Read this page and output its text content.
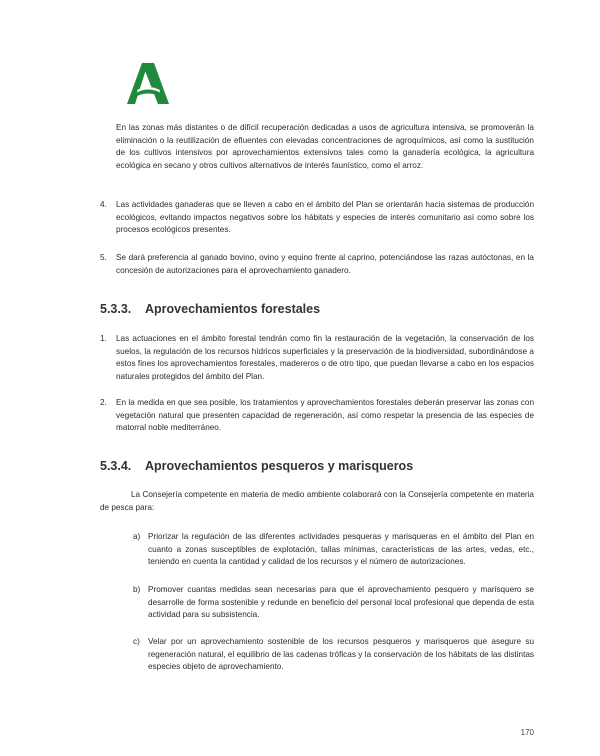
En las zonas más distantes o de difícil recuperación dedicadas a usos de agricultura intensiva, se promoverán la eliminación o la reutilización de efluentes con elevadas concentraciones de agroquímicos, así como la sustitución de los cultivos intensivos por aprovechamientos extensivos tales como la ganadería ecológica, la agricultura ecológica en secano y otros cultivos alternativos de interés faunístico, como el arroz.

4. Las actividades ganaderas que se lleven a cabo en el ámbito del Plan se orientarán hacia sistemas de producción ecológicos, evitando impactos negativos sobre los hábitats y especies de interés comunitario así como sobre los procesos ecológicos presentes.
5. Se dará preferencia al ganado bovino, ovino y equino frente al caprino, potenciándose las razas autóctonas, en la concesión de autorizaciones para el aprovechamiento ganadero.
5.3.3. Aprovechamientos forestales
1. Las actuaciones en el ámbito forestal tendrán como fin la restauración de la vegetación, la conservación de los suelos, la regulación de los recursos hídricos superficiales y la preservación de la biodiversidad, subordinándose a estos fines los aprovechamientos forestales, madereros o de otro tipo, que puedan llevarse a cabo en los espacios naturales protegidos del ámbito del Plan.
2. En la medida en que sea posible, los tratamientos y aprovechamientos forestales deberán preservar las zonas con vegetación natural que presenten capacidad de regeneración, así como respetar la presencia de las especies de matorral noble mediterráneo.
5.3.4. Aprovechamientos pesqueros y marisqueros

La Consejería competente en materia de medio ambiente colaborará con la Consejería competente en materia de pesca para:

a) Priorizar la regulación de las diferentes actividades pesqueras y marisqueras en el ámbito del Plan en cuanto a zonas susceptibles de explotación, tallas mínimas, características de las artes, vedas, etc., teniendo en cuenta la cantidad y calidad de los recursos y el número de autorizaciones.
b) Promover cuantas medidas sean necesarias para que el aprovechamiento pesquero y marisquero se desarrolle de forma sostenible y redunde en beneficio del personal local profesional que dependa de esta actividad para su subsistencia.
c) Velar por un aprovechamiento sostenible de los recursos pesqueros y marisqueros que asegure su regeneración natural, el equilibrio de las cadenas tróficas y la conservación de los hábitats de las distintas especies objeto de aprovechamiento.
170
